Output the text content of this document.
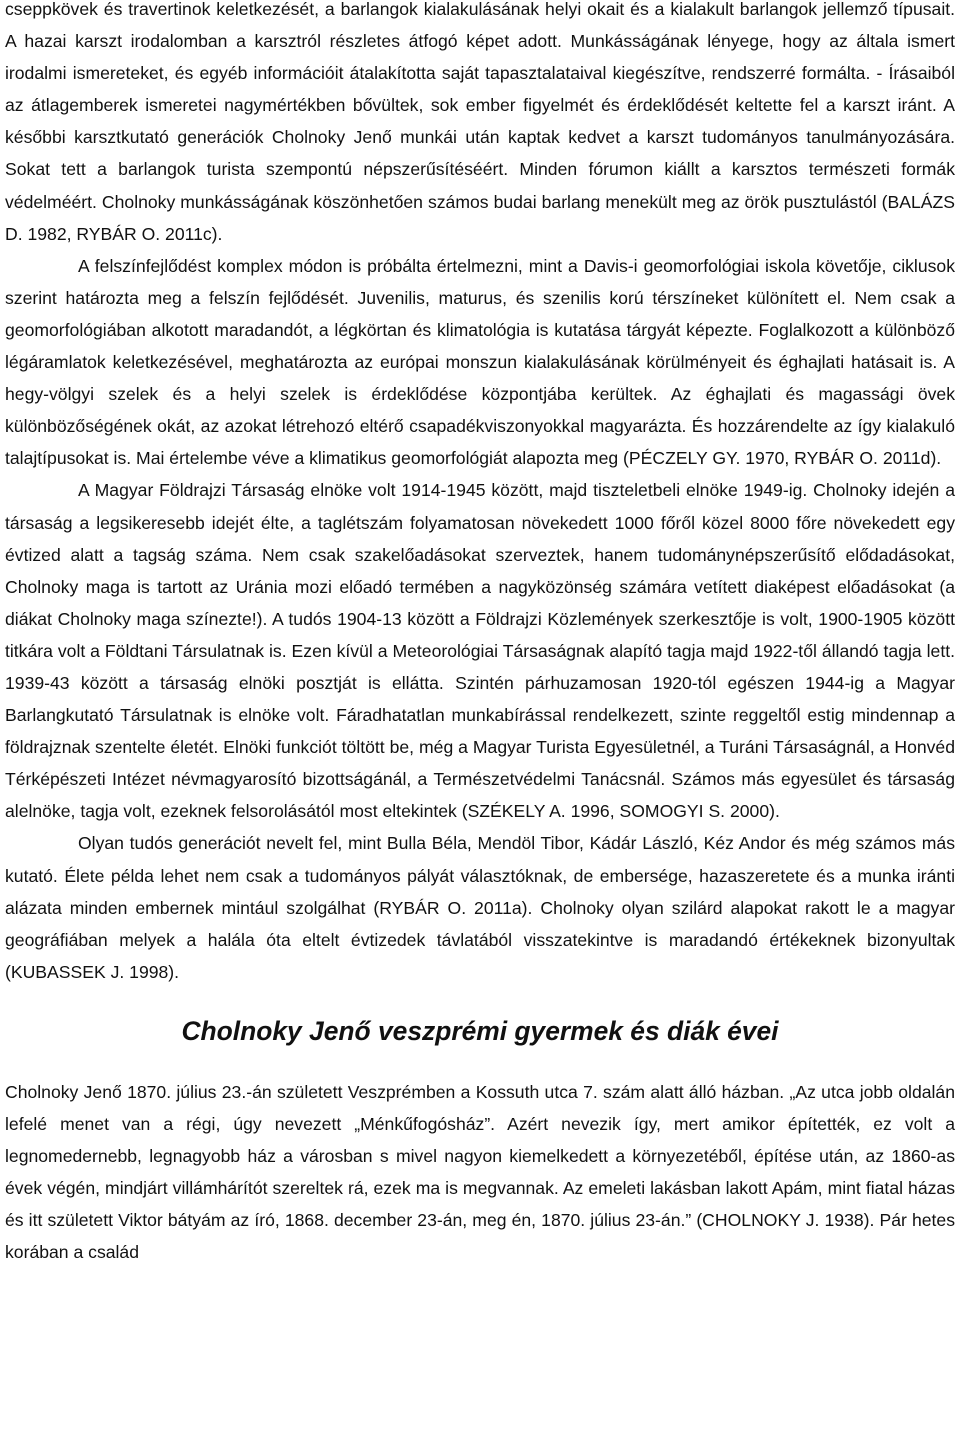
cseppkövek és travertinok keletkezését, a barlangok kialakulásának helyi okait és a kialakult barlangok jellemző típusait. A hazai karszt irodalomban a karsztról részletes átfogó képet adott. Munkásságának lényege, hogy az általa ismert irodalmi ismereteket, és egyéb információit átalakította saját tapasztalataival kiegészítve, rendszerré formálta. - Írásaiból az átlagemberek ismeretei nagymértékben bővültek, sok ember figyelmét és érdeklődését keltette fel a karszt iránt. A későbbi karsztkutató generációk Cholnoky Jenő munkái után kaptak kedvet a karszt tudományos tanulmányozására. Sokat tett a barlangok turista szempontú népszerűsítéséért. Minden fórumon kiállt a karsztos természeti formák védelméért. Cholnoky munkásságának köszönhetően számos budai barlang menekült meg az örök pusztulástól (BALÁZS D. 1982, RYBÁR O. 2011c).

A felszínfejlődést komplex módon is próbálta értelmezni, mint a Davis-i geomorfológiai iskola követője, ciklusok szerint határozta meg a felszín fejlődését. Juvenilis, maturus, és szenilis korú térszíneket különített el. Nem csak a geomorfológiában alkotott maradandót, a légkörtan és klimatológia is kutatása tárgyát képezte. Foglalkozott a különböző légáramlatok keletkezésével, meghatározta az európai monszun kialakulásának körülményeit és éghajlati hatásait is. A hegy-völgyi szelek és a helyi szelek is érdeklődése központjába kerültek. Az éghajlati és magassági övek különbözőségének okát, az azokat létrehozó eltérő csapadékviszonyokkal magyarázta. És hozzárendelte az így kialakuló talajtípusokat is. Mai értelembe véve a klimatikus geomorfológiát alapozta meg (PÉCZELY GY. 1970, RYBÁR O. 2011d).

A Magyar Földrajzi Társaság elnöke volt 1914-1945 között, majd tiszteletbeli elnöke 1949-ig. Cholnoky idején a társaság a legsikeresebb idejét élte, a taglétszám folyamatosan növekedett 1000 főről közel 8000 főre növekedett egy évtized alatt a tagság száma. Nem csak szakelőadásokat szerveztek, hanem tudománynépszerűsítő elődadásokat, Cholnoky maga is tartott az Uránia mozi előadó termében a nagyközönség számára vetített diaképest előadásokat (a diákat Cholnoky maga színezte!). A tudós 1904-13 között a Földrajzi Közlemények szerkesztője is volt, 1900-1905 között titkára volt a Földtani Társulatnak is. Ezen kívül a Meteorológiai Társaságnak alapító tagja majd 1922-től állandó tagja lett. 1939-43 között a társaság elnöki posztját is ellátta. Szintén párhuzamosan 1920-tól egészen 1944-ig a Magyar Barlangkutató Társulatnak is elnöke volt. Fáradhatatlan munkabírással rendelkezett, szinte reggeltől estig mindennap a földrajznak szentelte életét. Elnöki funkciót töltött be, még a Magyar Turista Egyesületnél, a Turáni Társaságnál, a Honvéd Térképészeti Intézet névmagyarosító bizottságánál, a Természetvédelmi Tanácsnál. Számos más egyesület és társaság alelnöke, tagja volt, ezeknek felsorolásától most eltekintek (SZÉKELY A. 1996, SOMOGYI S. 2000).

Olyan tudós generációt nevelt fel, mint Bulla Béla, Mendöl Tibor, Kádár László, Kéz Andor és még számos más kutató. Élete példa lehet nem csak a tudományos pályát választóknak, de embersége, hazaszeretete és a munka iránti alázata minden embernek mintául szolgálhat (RYBÁR O. 2011a). Cholnoky olyan szilárd alapokat rakott le a magyar geográfiában melyek a halála óta eltelt évtizedek távlatából visszatekintve is maradandó értékeknek bizonyultak (KUBASSEK J. 1998).

Cholnoky Jenő veszprémi gyermek és diák évei

Cholnoky Jenő 1870. július 23.-án született Veszprémben a Kossuth utca 7. szám alatt álló házban. „Az utca jobb oldalán lefelé menet van a régi, úgy nevezett „Ménkűfogósház”. Azért nevezik így, mert amikor építették, ez volt a legnomedernebb, legnagyobb ház a városban s mivel nagyon kiemelkedett a környezetéből, építése után, az 1860-as évek végén, mindjárt villámhárítót szereltek rá, ezek ma is megvannak. Az emeleti lakásban lakott Apám, mint fiatal házas és itt született Viktor bátyám az író, 1868. december 23-án, meg én, 1870. július 23-án.” (CHOLNOKY J. 1938). Pár hetes korában a család
